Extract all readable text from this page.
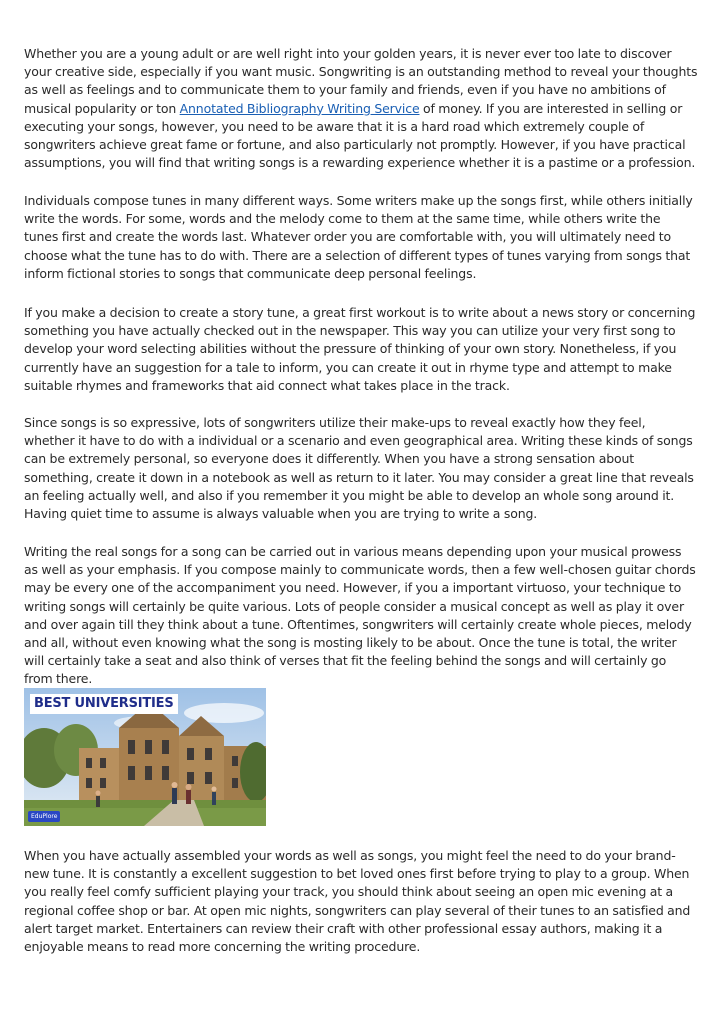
Whether you are a young adult or are well right into your golden years, it is never ever too late to discover your creative side, especially if you want music. Songwriting is an outstanding method to reveal your thoughts as well as feelings and to communicate them to your family and friends, even if you have no ambitions of musical popularity or ton Annotated Bibliography Writing Service of money. If you are interested in selling or executing your songs, however, you need to be aware that it is a hard road which extremely couple of songwriters achieve great fame or fortune, and also particularly not promptly. However, if you have practical assumptions, you will find that writing songs is a rewarding experience whether it is a pastime or a profession.

Individuals compose tunes in many different ways. Some writers make up the songs first, while others initially write the words. For some, words and the melody come to them at the same time, while others write the tunes first and create the words last. Whatever order you are comfortable with, you will ultimately need to choose what the tune has to do with. There are a selection of different types of tunes varying from songs that inform fictional stories to songs that communicate deep personal feelings.

If you make a decision to create a story tune, a great first workout is to write about a news story or concerning something you have actually checked out in the newspaper. This way you can utilize your very first song to develop your word selecting abilities without the pressure of thinking of your own story. Nonetheless, if you currently have an suggestion for a tale to inform, you can create it out in rhyme type and attempt to make suitable rhymes and frameworks that aid connect what takes place in the track.

Since songs is so expressive, lots of songwriters utilize their make-ups to reveal exactly how they feel, whether it have to do with a individual or a scenario and even geographical area. Writing these kinds of songs can be extremely personal, so everyone does it differently. When you have a strong sensation about something, create it down in a notebook as well as return to it later. You may consider a great line that reveals an feeling actually well, and also if you remember it you might be able to develop an whole song around it. Having quiet time to assume is always valuable when you are trying to write a song.

Writing the real songs for a song can be carried out in various means depending upon your musical prowess as well as your emphasis. If you compose mainly to communicate words, then a few well-chosen guitar chords may be every one of the accompaniment you need. However, if you a important virtuoso, your technique to writing songs will certainly be quite various. Lots of people consider a musical concept as well as play it over and over again till they think about a tune. Oftentimes, songwriters will certainly create whole pieces, melody and all, without even knowing what the song is mosting likely to be about. Once the tune is total, the writer will certainly take a seat and also think of verses that fit the feeling behind the songs and will certainly go from there.

BEST UNIVERSITIES
EduPlore

When you have actually assembled your words as well as songs, you might feel the need to do your brand-new tune. It is constantly a excellent suggestion to bet loved ones first before trying to play to a group. When you really feel comfy sufficient playing your track, you should think about seeing an open mic evening at a regional coffee shop or bar. At open mic nights, songwriters can play several of their tunes to an satisfied and alert target market. Entertainers can review their craft with other professional essay authors, making it a enjoyable means to read more concerning the writing procedure.
